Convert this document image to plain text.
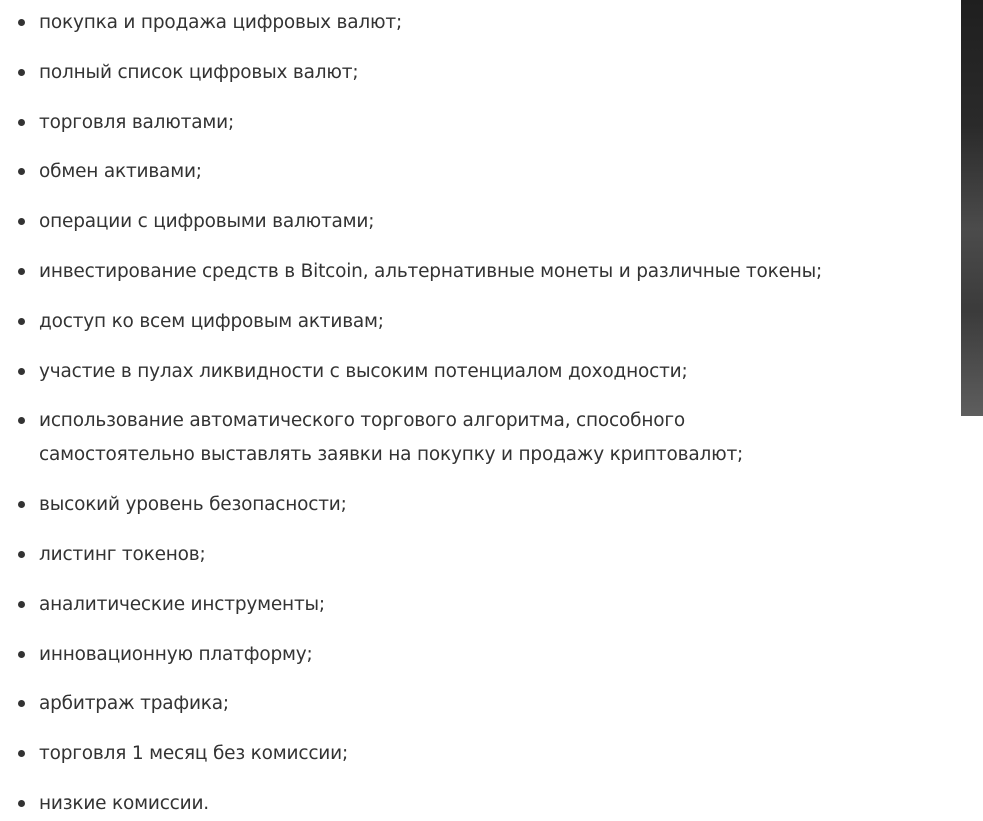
покупка и продажа цифровых валют;
полный список цифровых валют;
торговля валютами;
обмен активами;
операции с цифровыми валютами;
инвестирование средств в Bitcoin, альтернативные монеты и различные токены;
доступ ко всем цифровым активам;
участие в пулах ликвидности с высоким потенциалом доходности;
использование автоматического торгового алгоритма, способного самостоятельно выставлять заявки на покупку и продажу криптовалют;
высокий уровень безопасности;
листинг токенов;
аналитические инструменты;
инновационную платформу;
арбитраж трафика;
торговля 1 месяц без комиссии;
низкие комиссии.
